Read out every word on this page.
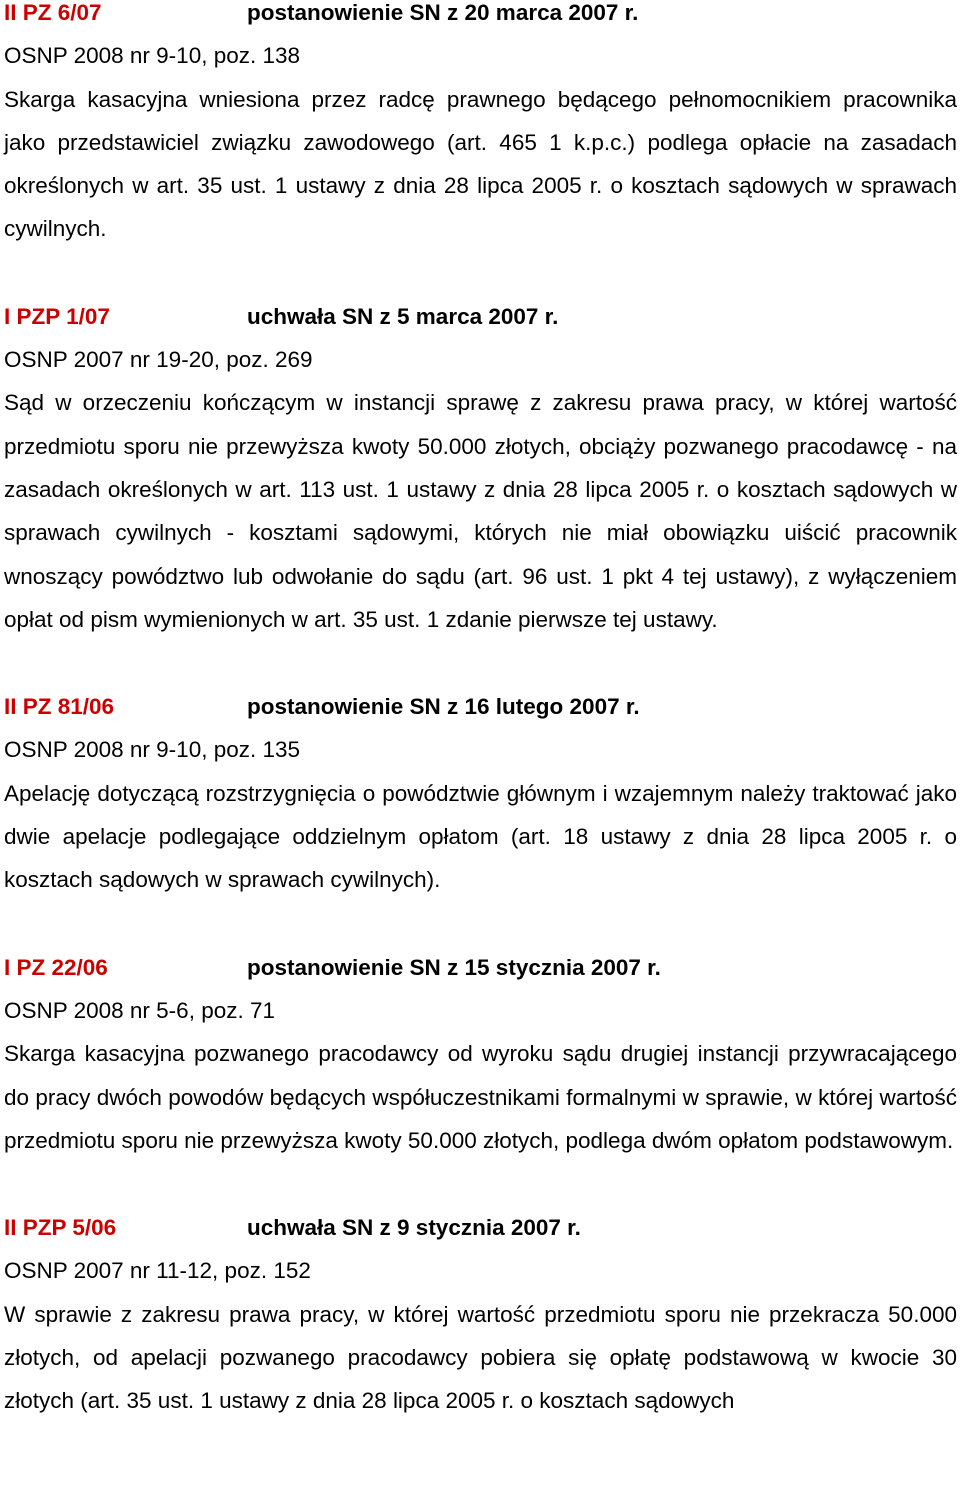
II PZ 6/07	postanowienie SN z 20 marca 2007 r.
OSNP 2008 nr 9-10, poz. 138

Skarga kasacyjna wniesiona przez radcę prawnego będącego pełnomocnikiem pracownika jako przedstawiciel związku zawodowego (art. 465 1 k.p.c.) podlega opłacie na zasadach określonych w art. 35 ust. 1 ustawy z dnia 28 lipca 2005 r. o kosztach sądowych w sprawach cywilnych.

I PZP 1/07	uchwała SN z 5 marca 2007 r.
OSNP 2007 nr 19-20, poz. 269

Sąd w orzeczeniu kończącym w instancji sprawę z zakresu prawa pracy, w której wartość przedmiotu sporu nie przewyższa kwoty 50.000 złotych, obciąży pozwanego pracodawcę - na zasadach określonych w art. 113 ust. 1 ustawy z dnia 28 lipca 2005 r. o kosztach sądowych w sprawach cywilnych - kosztami sądowymi, których nie miał obowiązku uiścić pracownik wnoszący powództwo lub odwołanie do sądu (art. 96 ust. 1 pkt 4 tej ustawy), z wyłączeniem opłat od pism wymienionych w art. 35 ust. 1 zdanie pierwsze tej ustawy.

II PZ 81/06	postanowienie SN z 16 lutego 2007 r.
OSNP 2008 nr 9-10, poz. 135

Apelację dotyczącą rozstrzygnięcia o powództwie głównym i wzajemnym należy traktować jako dwie apelacje podlegające oddzielnym opłatom (art. 18 ustawy z dnia 28 lipca 2005 r. o kosztach sądowych w sprawach cywilnych).

I PZ 22/06	postanowienie SN z 15 stycznia 2007 r.
OSNP 2008 nr 5-6, poz. 71

Skarga kasacyjna pozwanego pracodawcy od wyroku sądu drugiej instancji przywracającego do pracy dwóch powodów będących współuczestnikami formalnymi w sprawie, w której wartość przedmiotu sporu nie przewyższa kwoty 50.000 złotych, podlega dwóm opłatom podstawowym.

II PZP 5/06	uchwała SN z 9 stycznia 2007 r.
OSNP 2007 nr 11-12, poz. 152

W sprawie z zakresu prawa pracy, w której wartość przedmiotu sporu nie przekracza 50.000 złotych, od apelacji pozwanego pracodawcy pobiera się opłatę podstawową w kwocie 30 złotych (art. 35 ust. 1 ustawy z dnia 28 lipca 2005 r. o kosztach sądowych
